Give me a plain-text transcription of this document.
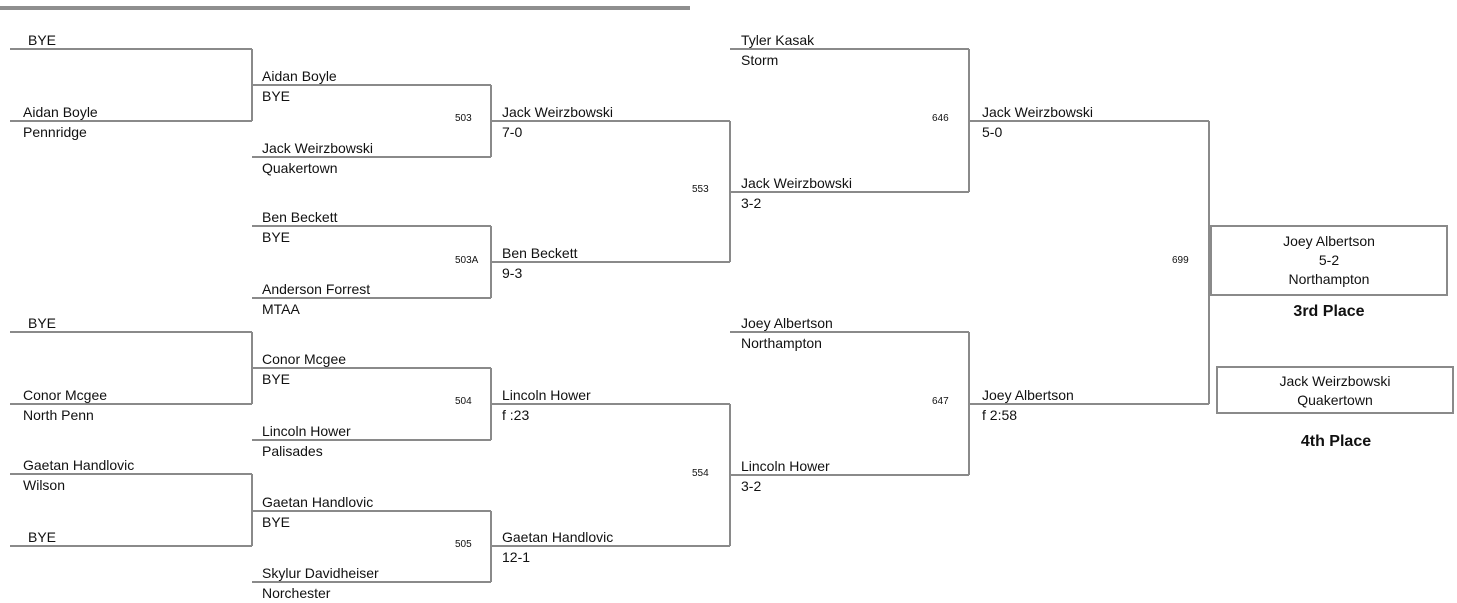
BYE
Aidan Boyle
Pennridge
BYE
Conor Mcgee
North Penn
Gaetan Handlovic
Wilson
BYE
Aidan Boyle
BYE
503
Jack Weirzbowski
Quakertown
Ben Beckett
BYE
503A
Anderson Forrest
MTAA
Conor Mcgee
BYE
504
Lincoln Hower
Palisades
Gaetan Handlovic
BYE
505
Skylur Davidheiser
Norchester
Jack Weirzbowski
7-0
553
Ben Beckett
9-3
Lincoln Hower
f :23
554
Gaetan Handlovic
12-1
Tyler Kasak
Storm
646
Jack Weirzbowski
3-2
Joey Albertson
Northampton
647
Lincoln Hower
3-2
Jack Weirzbowski
5-0
699
Joey Albertson
f 2:58
Joey Albertson
5-2
Northampton
3rd Place
Jack Weirzbowski
Quakertown
4th Place
